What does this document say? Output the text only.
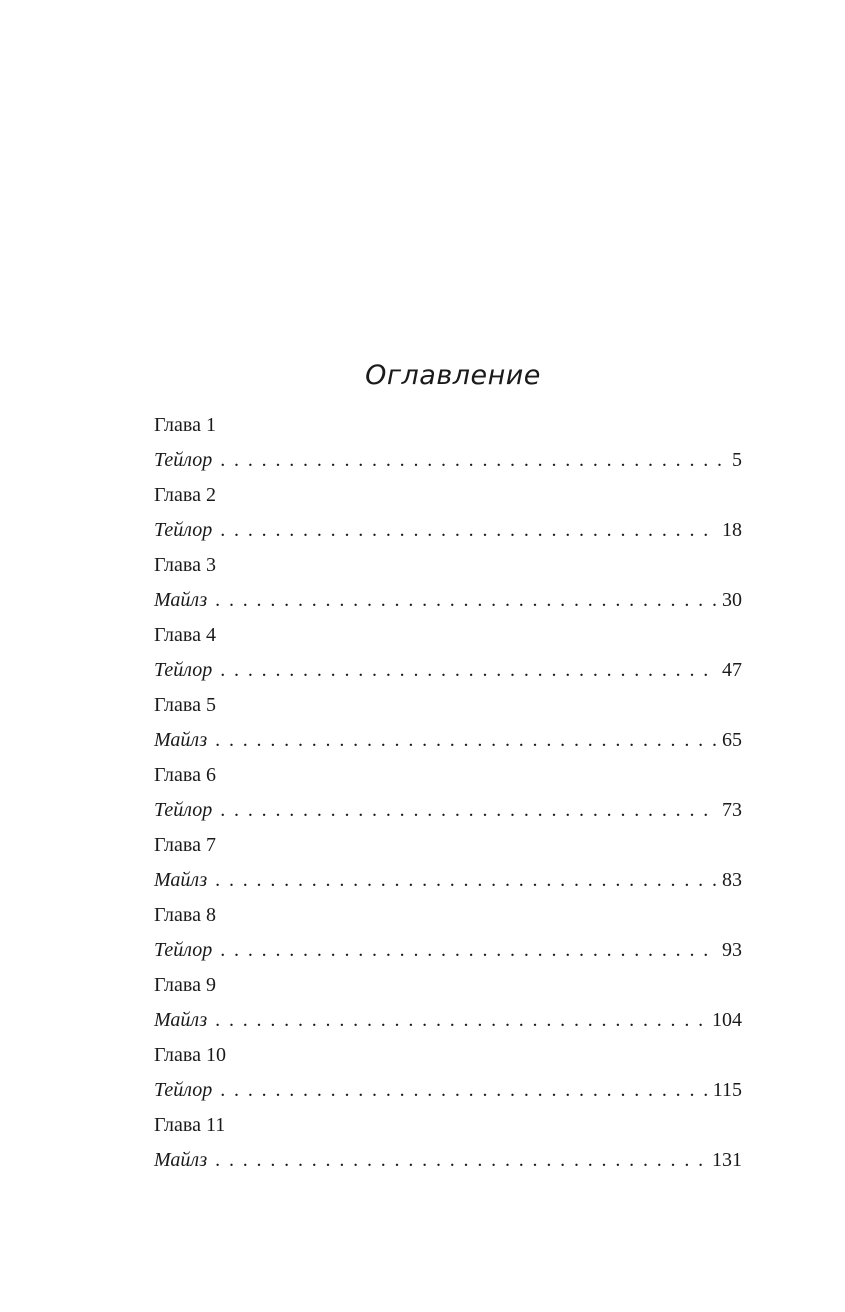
Оглавление
Глава 1
Тейлор . . .	5
Глава 2
Тейлор . . .	18
Глава 3
Майлз . . .	30
Глава 4
Тейлор . . .	47
Глава 5
Майлз . . .	65
Глава 6
Тейлор . . .	73
Глава 7
Майлз . . .	83
Глава 8
Тейлор . . .	93
Глава 9
Майлз . . .	104
Глава 10
Тейлор . . .	115
Глава 11
Майлз . . .	131
